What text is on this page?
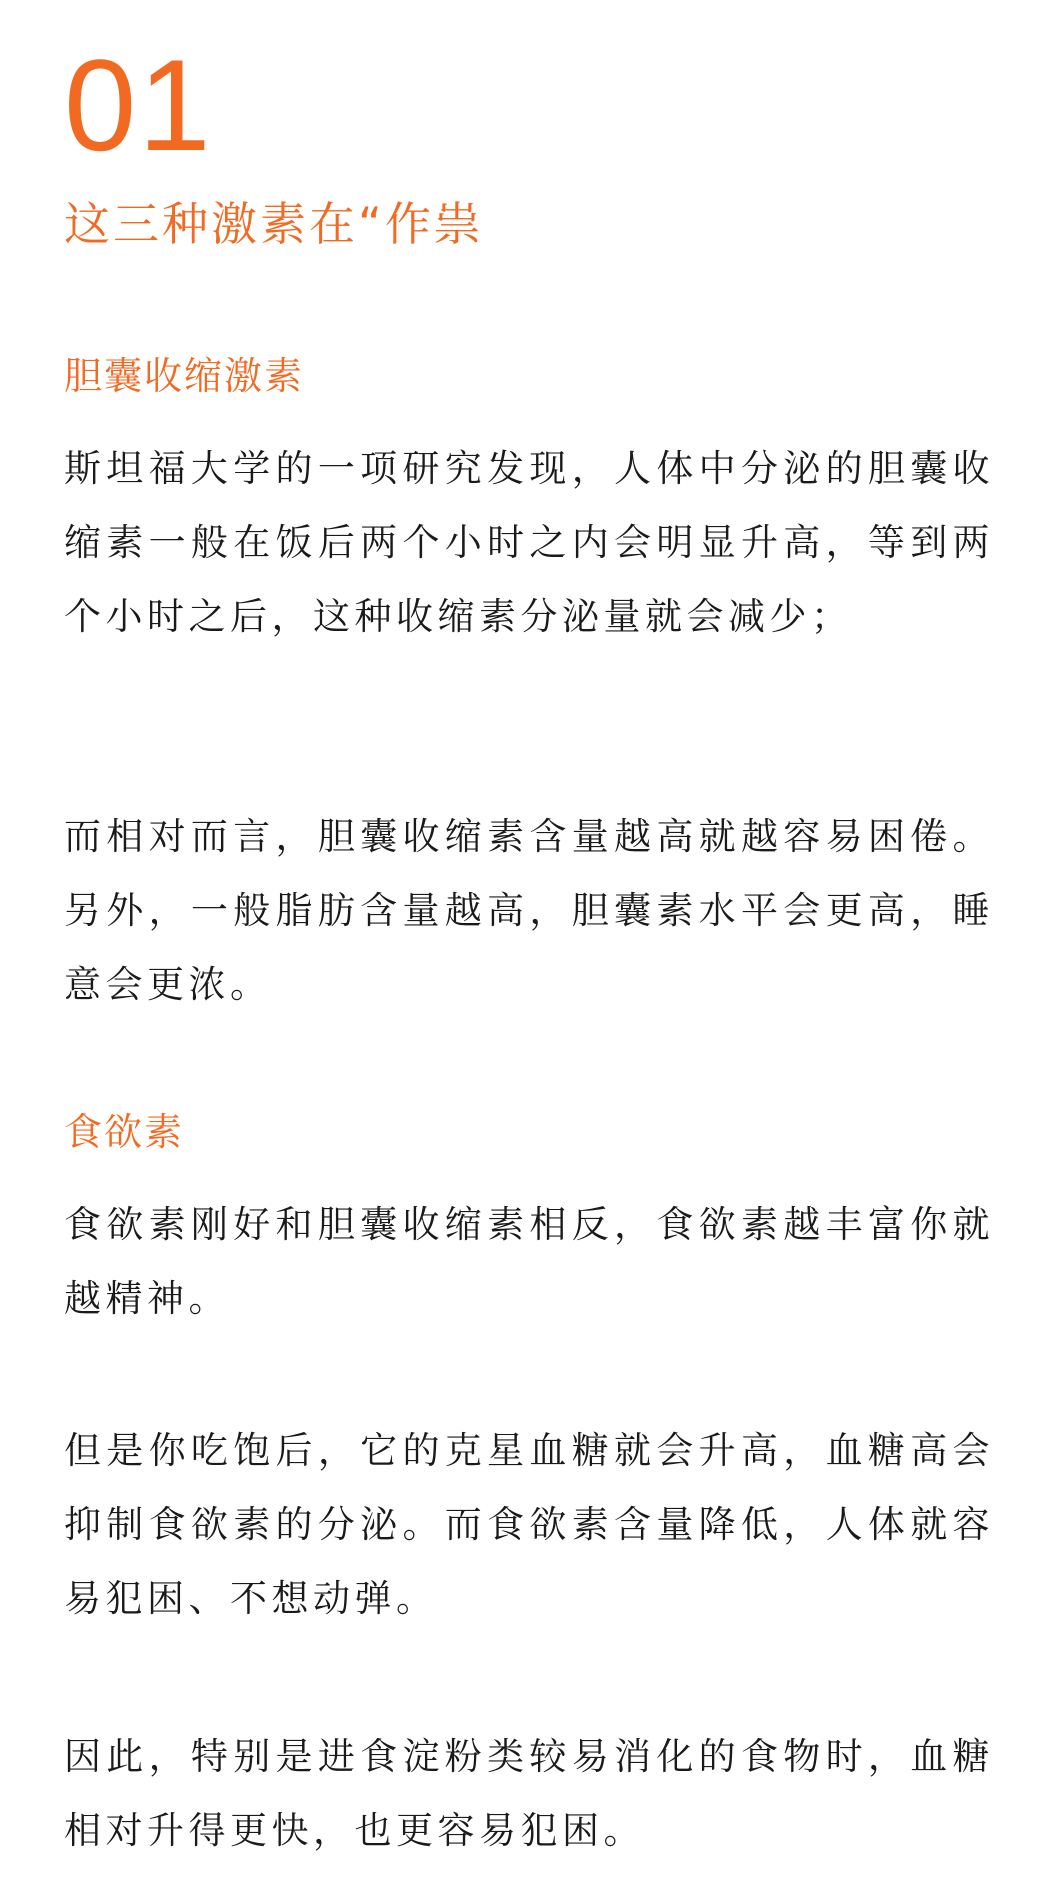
01
这三种激素在“作祟
胆囊收缩激素

斯坦福大学的一项研究发现，人体中分泌的胆囊收缩素一般在饭后两个小时之内会明显升高，等到两个小时之后，这种收缩素分泌量就会减少；

而相对而言，胆囊收缩素含量越高就越容易困倦。另外，一般脂肪含量越高，胆囊素水平会更高，睡意会更浓。

食欲素

食欲素刚好和胆囊收缩素相反，食欲素越丰富你就越精神。

但是你吃饱后，它的克星血糖就会升高，血糖高会抑制食欲素的分泌。而食欲素含量降低，人体就容易犯困、不想动弹。

因此，特别是进食淀粉类较易消化的食物时，血糖相对升得更快，也更容易犯困。
